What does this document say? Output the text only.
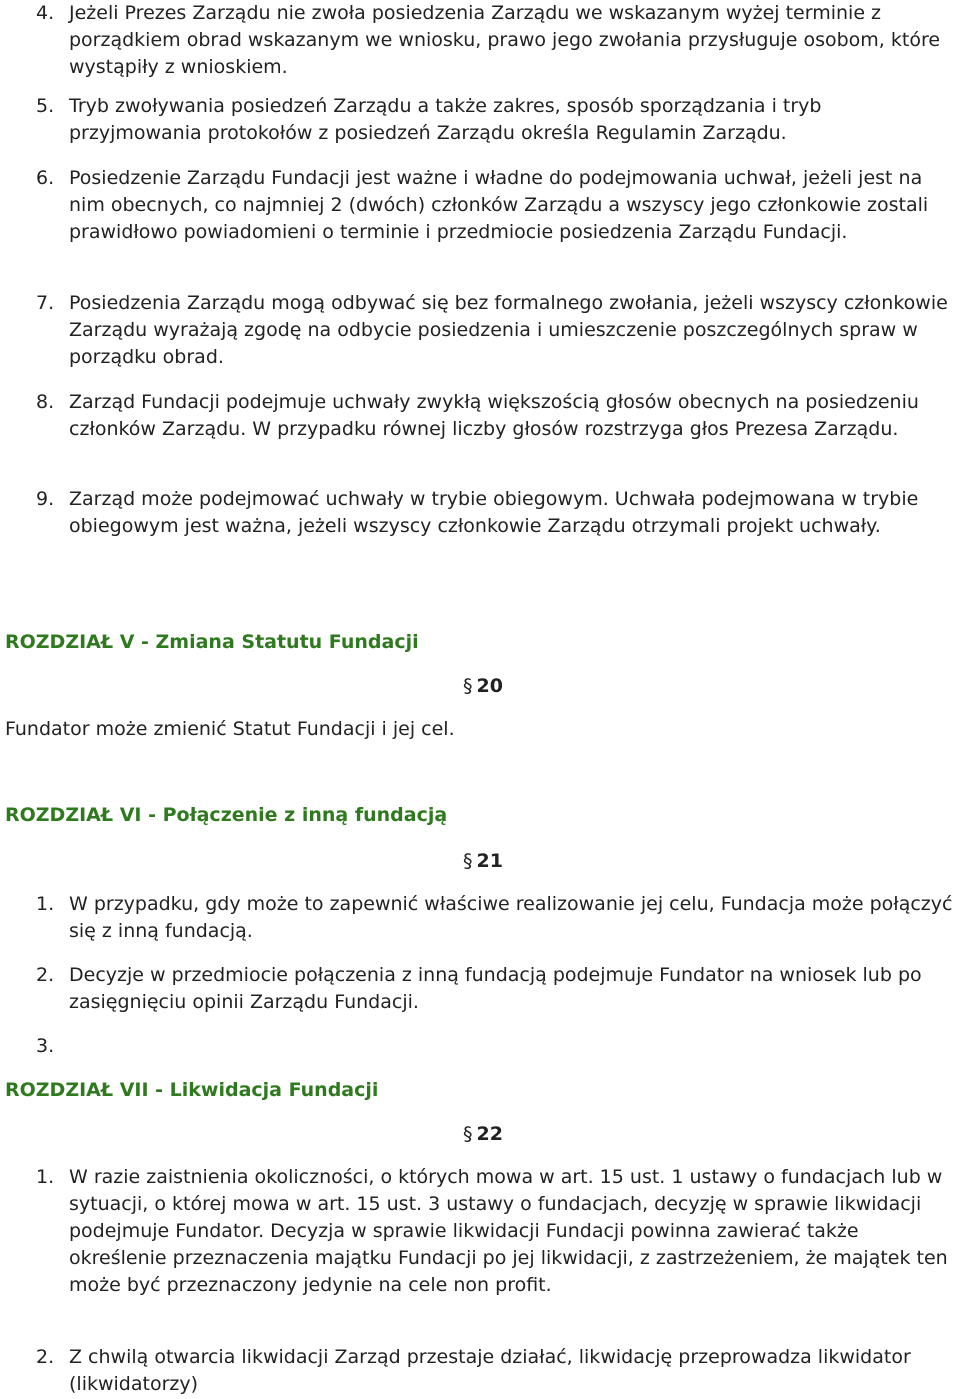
4. Jeżeli Prezes Zarządu nie zwoła posiedzenia Zarządu we wskazanym wyżej terminie z porządkiem obrad wskazanym we wniosku, prawo jego zwołania przysługuje osobom, które wystąpiły z wnioskiem.
5. Tryb zwoływania posiedzeń Zarządu a także zakres, sposób sporządzania i tryb przyjmowania protokołów z posiedzeń Zarządu określa Regulamin Zarządu.
6. Posiedzenie Zarządu Fundacji jest ważne i władne do podejmowania uchwał, jeżeli jest na nim obecnych, co najmniej 2 (dwóch) członków Zarządu a wszyscy jego członkowie zostali prawidłowo powiadomieni o terminie i przedmiocie posiedzenia Zarządu Fundacji.
7. Posiedzenia Zarządu mogą odbywać się bez formalnego zwołania, jeżeli wszyscy członkowie Zarządu wyrażają zgodę na odbycie posiedzenia i umieszczenie poszczególnych spraw w porządku obrad.
8. Zarząd Fundacji podejmuje uchwały zwykłą większością głosów obecnych na posiedzeniu członków Zarządu. W przypadku równej liczby głosów rozstrzyga głos Prezesa Zarządu.
9. Zarząd może podejmować uchwały w trybie obiegowym. Uchwała podejmowana w trybie obiegowym jest ważna, jeżeli wszyscy członkowie Zarządu otrzymali projekt uchwały.
ROZDZIAŁ V - Zmiana Statutu Fundacji
§ 20
Fundator może zmienić Statut Fundacji i jej cel.
ROZDZIAŁ VI - Połączenie z inną fundacją
§ 21
1. W przypadku, gdy może to zapewnić właściwe realizowanie jej celu, Fundacja może połączyć się z inną fundacją.
2. Decyzje w przedmiocie połączenia z inną fundacją podejmuje Fundator na wniosek lub po zasięgnięciu opinii Zarządu Fundacji.
3.
ROZDZIAŁ VII - Likwidacja Fundacji
§ 22
1. W razie zaistnienia okoliczności, o których mowa w art. 15 ust. 1 ustawy o fundacjach lub w sytuacji, o której mowa w art. 15 ust. 3 ustawy o fundacjach, decyzję w sprawie likwidacji podejmuje Fundator. Decyzja w sprawie likwidacji Fundacji powinna zawierać także określenie przeznaczenia majątku Fundacji po jej likwidacji, z zastrzeżeniem, że majątek ten może być przeznaczony jedynie na cele non profit.
2. Z chwilą otwarcia likwidacji Zarząd przestaje działać, likwidację przeprowadza likwidator (likwidatorzy)
